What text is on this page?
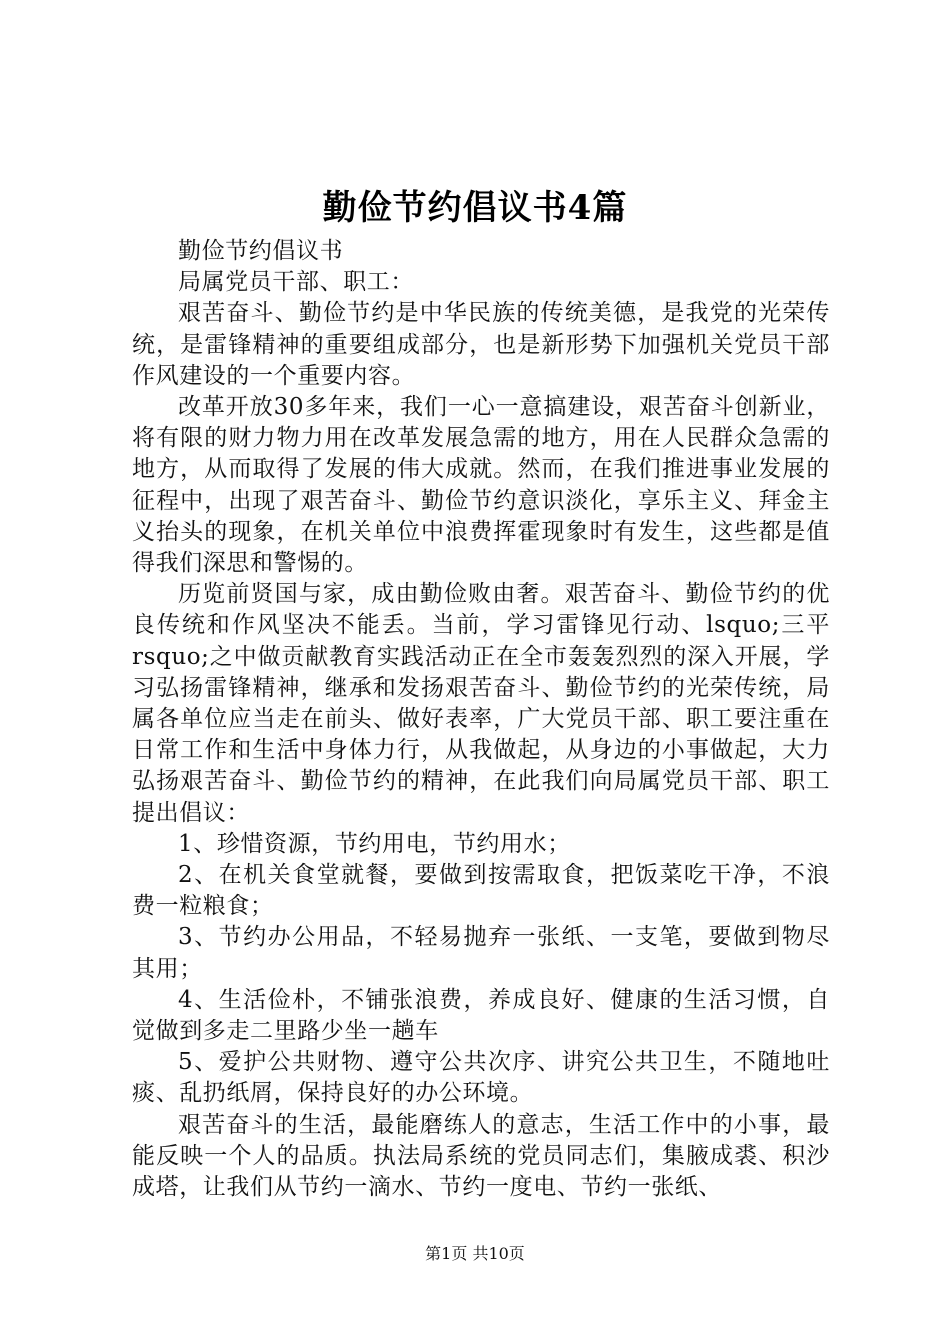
勤俭节约倡议书4篇

勤俭节约倡议书

局属党员干部、职工：

艰苦奋斗、勤俭节约是中华民族的传统美德，是我党的光荣传统，是雷锋精神的重要组成部分，也是新形势下加强机关党员干部作风建设的一个重要内容。

改革开放30多年来，我们一心一意搞建设，艰苦奋斗创新业，将有限的财力物力用在改革发展急需的地方，用在人民群众急需的地方，从而取得了发展的伟大成就。然而，在我们推进事业发展的征程中，出现了艰苦奋斗、勤俭节约意识淡化，享乐主义、拜金主义抬头的现象，在机关单位中浪费挥霍现象时有发生，这些都是值得我们深思和警惕的。

历览前贤国与家，成由勤俭败由奢。艰苦奋斗、勤俭节约的优良传统和作风坚决不能丢。当前，学习雷锋见行动、lsquo;三平rsquo;之中做贡献教育实践活动正在全市轰轰烈烈的深入开展，学习弘扬雷锋精神，继承和发扬艰苦奋斗、勤俭节约的光荣传统，局属各单位应当走在前头、做好表率，广大党员干部、职工要注重在日常工作和生活中身体力行，从我做起，从身边的小事做起，大力弘扬艰苦奋斗、勤俭节约的精神，在此我们向局属党员干部、职工提出倡议：

1、珍惜资源，节约用电，节约用水；

2、在机关食堂就餐，要做到按需取食，把饭菜吃干净，不浪费一粒粮食；

3、节约办公用品，不轻易抛弃一张纸、一支笔，要做到物尽其用；

4、生活俭朴，不铺张浪费，养成良好、健康的生活习惯，自觉做到多走二里路少坐一趟车

5、爱护公共财物、遵守公共次序、讲究公共卫生，不随地吐痰、乱扔纸屑，保持良好的办公环境。

艰苦奋斗的生活，最能磨练人的意志，生活工作中的小事，最能反映一个人的品质。执法局系统的党员同志们，集腋成裘、积沙成塔，让我们从节约一滴水、节约一度电、节约一张纸、

第1页 共10页
